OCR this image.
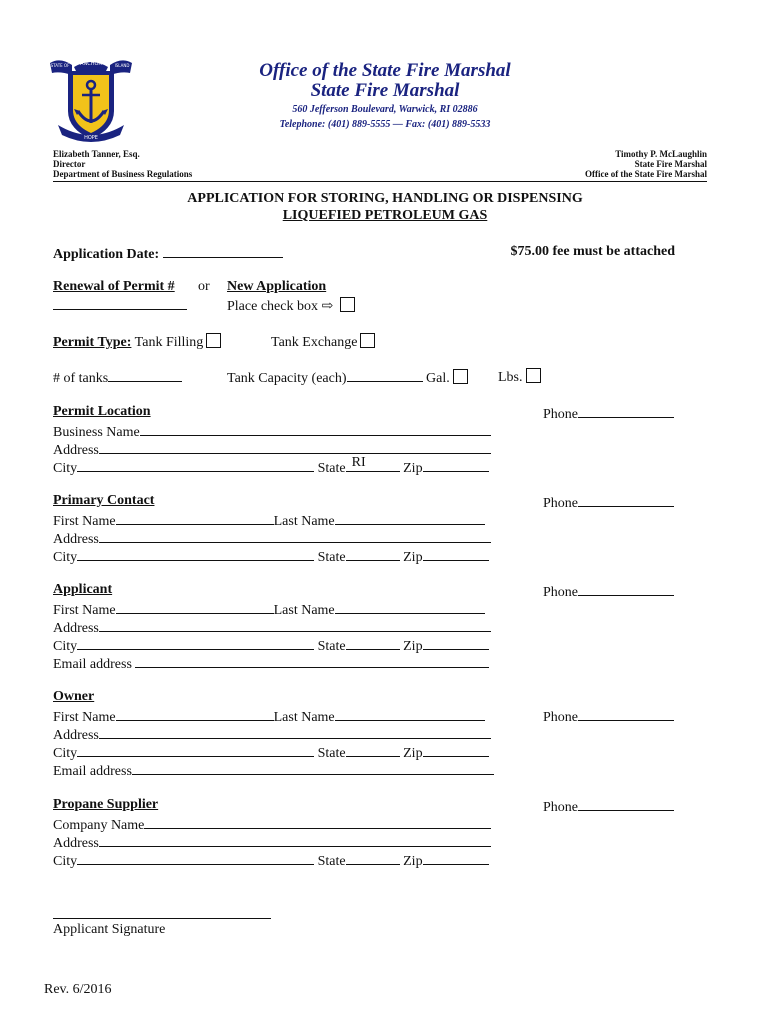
ANCHOR
STATE OF	ISLAND
HOPE
Office of the State Fire Marshal
State Fire Marshal
560 Jefferson Boulevard, Warwick, RI 02886
Telephone: (401) 889-5555 — Fax: (401) 889-5533
Elizabeth Tanner, Esq.
Director
Department of Business Regulations
Timothy P. McLaughlin
State Fire Marshal
Office of the State Fire Marshal
APPLICATION FOR STORING, HANDLING OR DISPENSING
LIQUEFIED PETROLEUM GAS
Application Date:	$75.00 fee must be attached
Renewal of Permit # or New Application
Place check box ⇨
Permit Type: Tank Filling	Tank Exchange
# of tanks	Tank Capacity (each)	Gal.	Lbs.
Permit Location	Phone
Business Name
Address
City	State RI	Zip
Primary Contact	Phone
First Name	Last Name
Address
City	State	Zip
Applicant	Phone
First Name	Last Name
Address
City	State	Zip
Email address
Owner
Phone
First Name	Last Name
Address
City	State	Zip
Email address
Propane Supplier	Phone
Company Name
Address
City	State	Zip
Applicant Signature
Rev. 6/2016
